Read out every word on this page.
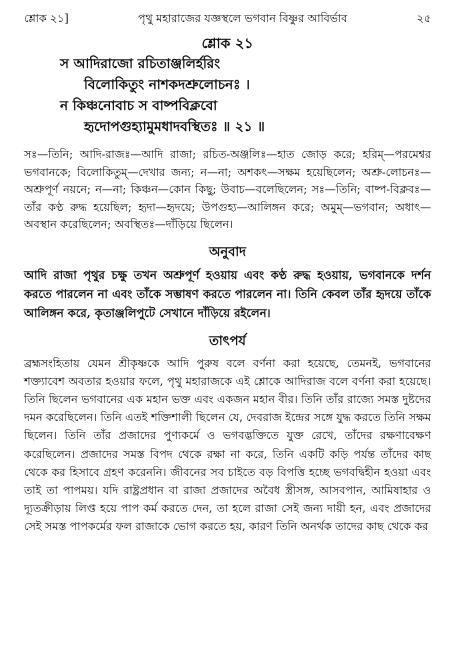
শ্লোক ২১]	পৃথু মহারাজের যজ্ঞস্থলে ভগবান বিষ্ণুর আবির্ভাব	২৫
শ্লোক ২১
স আদিরাজো রচিতাঞ্জলির্হরিং
বিলোকিতুং নাশকদশ্রুলোচনঃ ।
ন কিঞ্চনোবাচ স বাষ্পবিক্লবো
হৃদোপগুহ্যামুমধাদবস্থিতঃ ॥ ২১ ॥

সঃ—তিনি; আদি-রাজঃ—আদি রাজা; রচিত-অঞ্জলিঃ—হাত জোড় করে; হরিম্—পরমেশ্বর ভগবানকে; বিলোকিতুম্—দেখার জন্য; ন—না; অশকৎ—সক্ষম হয়েছিলেন; অশ্রু-লোচনঃ—অশ্রুপূর্ণ নয়নে; ন—না; কিঞ্চন—কোন কিছু; উবাচ—বলেছিলেন; সঃ—তিনি; বাষ্প-বিক্লবঃ—তাঁর কণ্ঠ রুদ্ধ হয়েছিল; হৃদা—হৃদয়ে; উপগুহ্য—আলিঙ্গন করে; অমুম্—ভগবান; অধাৎ—অবস্থান করেছিলেন; অবস্থিতঃ—দাঁড়িয়ে ছিলেন।

অনুবাদ

আদি রাজা পৃথুর চক্ষু তখন অশ্রুপূর্ণ হওয়ায় এবং কণ্ঠ রুদ্ধ হওয়ায়, ভগবানকে দর্শন করতে পারলেন না এবং তাঁকে সম্ভাষণ করতে পারলেন না। তিনি কেবল তাঁর হৃদয়ে তাঁকে আলিঙ্গন করে, কৃতাঞ্জলিপুটে সেখানে দাঁড়িয়ে রইলেন।

তাৎপর্য

ব্রহ্মসংহিতায় যেমন শ্রীকৃষ্ণকে আদি পুরুষ বলে বর্ণনা করা হয়েছে, তেমনই, ভগবানের শক্ত্যাবেশ অবতার হওয়ার ফলে, পৃথু মহারাজকে এই শ্লোকে আদিরাজ বলে বর্ণনা করা হয়েছে। তিনি ছিলেন ভগবানের এক মহান ভক্ত এবং একজন মহান বীর। তিনি তাঁর রাজ্যে সমস্ত দুষ্টদের দমন করেছিলেন। তিনি এতই শক্তিশালী ছিলেন যে, দেবরাজ ইন্দ্রের সঙ্গে যুদ্ধ করতে তিনি সক্ষম ছিলেন। তিনি তাঁর প্রজাদের পুণ্যকর্মে ও ভগবদ্ভক্তিতে যুক্ত রেখে, তাঁদের রক্ষণাবেক্ষণ করেছিলেন। প্রজাদের সমস্ত বিপদ থেকে রক্ষা না করে, তিনি একটি কড়ি পর্যন্ত তাঁদের কাছ থেকে কর হিসাবে গ্রহণ করেননি। জীবনের সব চাইতে বড় বিপত্তি হচ্ছে ভগবদ্বিহীন হওয়া এবং তাই তা পাপময়। যদি রাষ্ট্রপ্রধান বা রাজা প্রজাদের অবৈধ স্ত্রীসঙ্গ, আসবপান, আমিষাহার ও দ্যূতক্রীড়ায় লিপ্ত হয়ে পাপ কর্ম করতে দেন, তা হলে রাজা সেই জন্য দায়ী হন, এবং প্রজাদের সেই সমস্ত পাপকর্মের ফল রাজাকে ভোগ করতে হয়, কারণ তিনি অনর্থক তাদের কাছ থেকে কর
